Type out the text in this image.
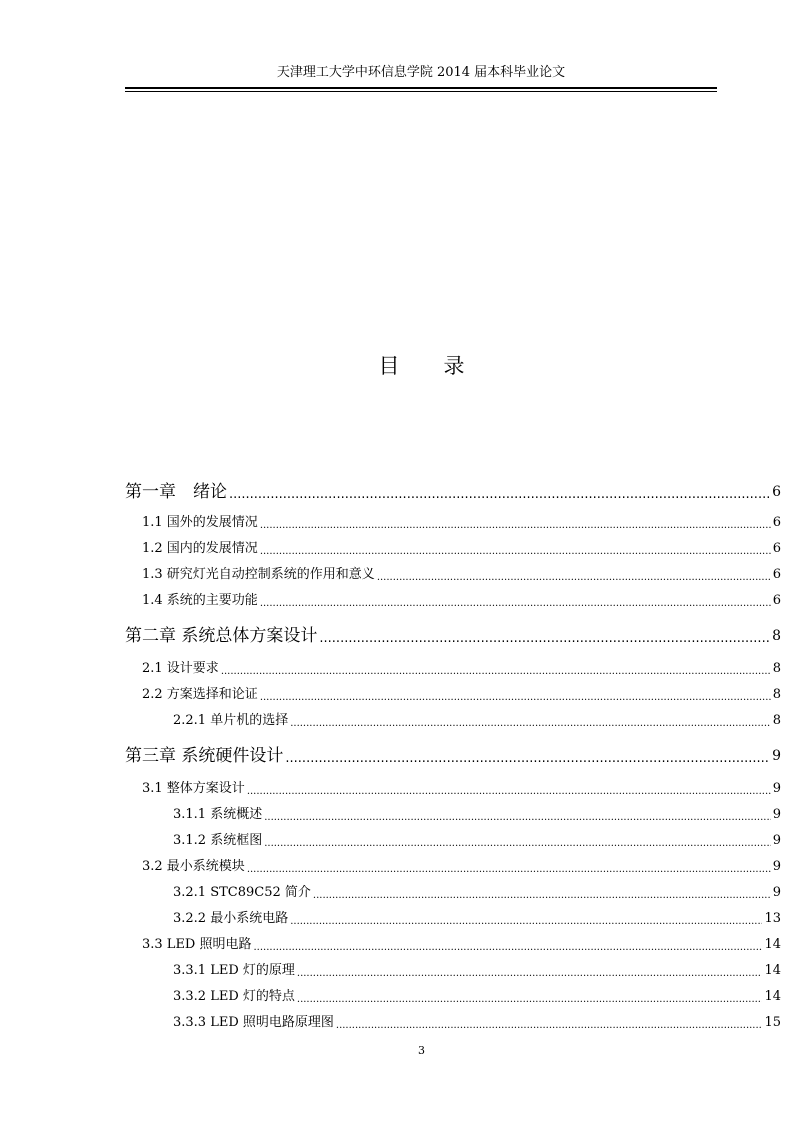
天津理工大学中环信息学院 2014 届本科毕业论文
目 录
第一章　绪论 .....	6
1.1 国外的发展情况 .....	6
1.2 国内的发展情况 .....	6
1.3 研究灯光自动控制系统的作用和意义 .....	6
1.4 系统的主要功能 .....	6
第二章 系统总体方案设计 .....	8
2.1 设计要求 .....	8
2.2 方案选择和论证 .....	8
2.2.1 单片机的选择 .....	8
第三章 系统硬件设计 .....	9
3.1 整体方案设计 .....	9
3.1.1 系统概述 .....	9
3.1.2 系统框图 .....	9
3.2 最小系统模块 .....	9
3.2.1 STC89C52 简介 .....	9
3.2.2 最小系统电路 .....	13
3.3 LED 照明电路 .....	14
3.3.1 LED 灯的原理 .....	14
3.3.2 LED 灯的特点 .....	14
3.3.3 LED 照明电路原理图 .....	15
3
